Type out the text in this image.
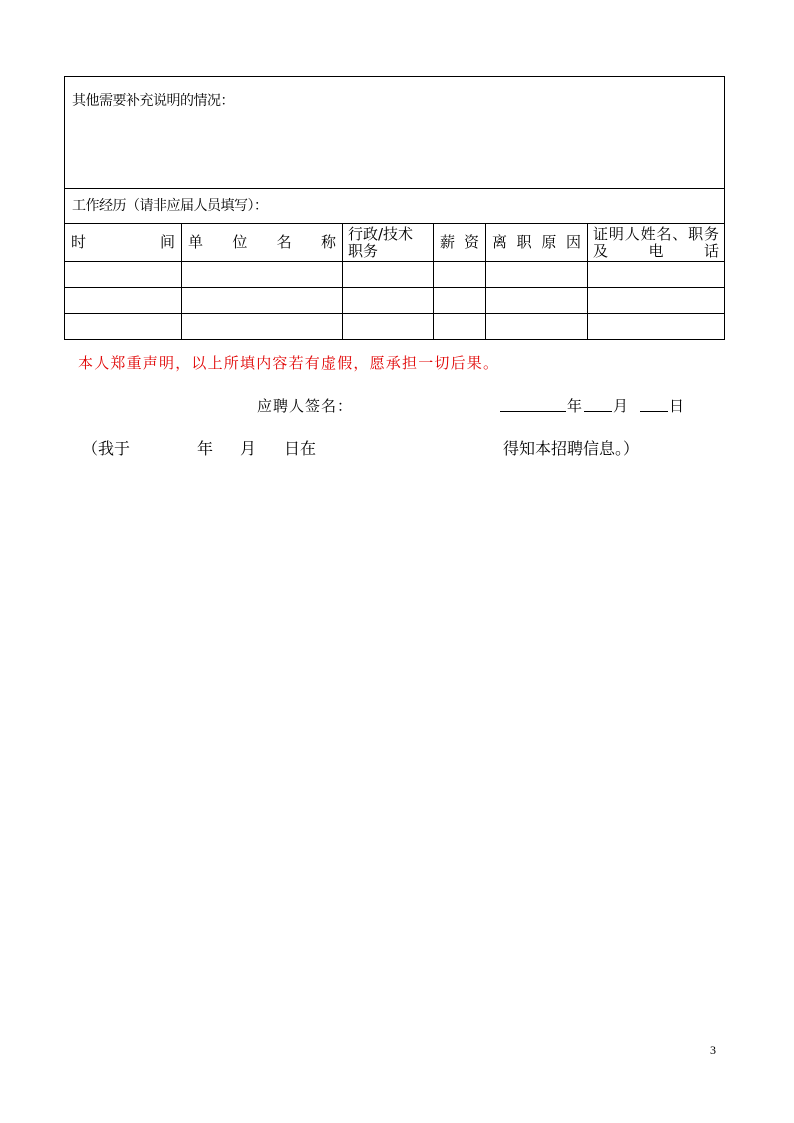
其他需要补充说明的情况：					

工作经历（请非应届人员填写）：					

时 间	单 位 名 称	行政/技术职务	薪 资	离 职 原 因	证明人姓名、职务及电话

本人郑重声明，以上所填内容若有虚假，愿承担一切后果。
应聘人签名：	年 月	日
（我于	年 月 日在	得知本招聘信息。）
3
